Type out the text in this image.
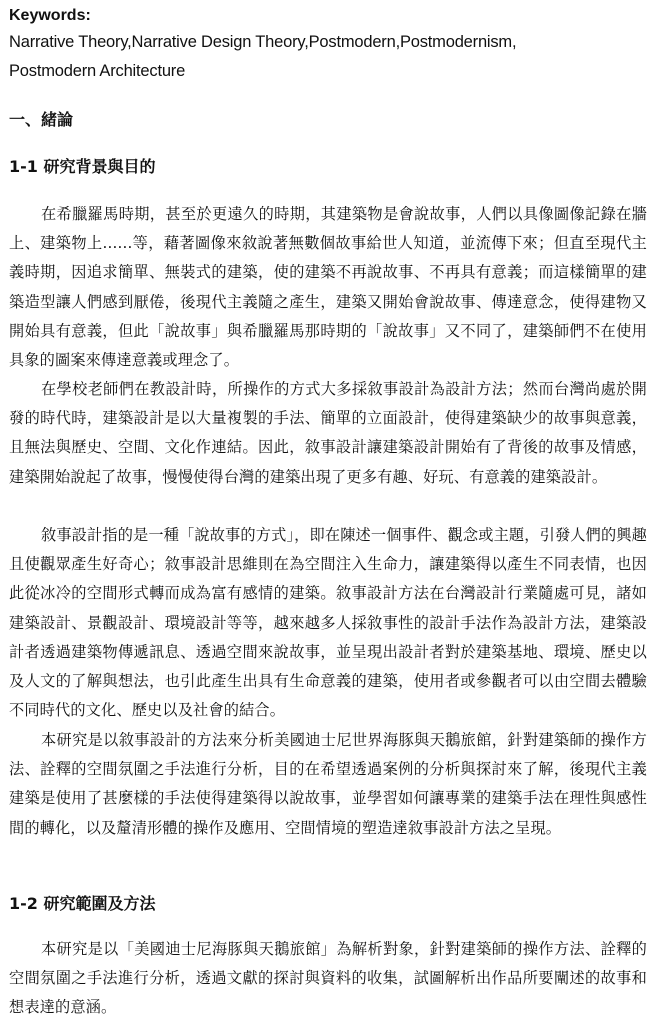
Keywords:

Narrative Theory,Narrative Design Theory,Postmodern,Postmodernism,
Postmodern Architecture

一、緒論
1-1 研究背景與目的

在希臘羅馬時期，甚至於更遠久的時期，其建築物是會說故事，人們以具像圖像記錄在牆上、建築物上......等，藉著圖像來敘說著無數個故事給世人知道，並流傳下來；但直至現代主義時期，因追求簡單、無裝式的建築，使的建築不再說故事、不再具有意義；而這樣簡單的建築造型讓人們感到厭倦，後現代主義隨之產生，建築又開始會說故事、傳達意念，使得建物又開始具有意義，但此「說故事」與希臘羅馬那時期的「說故事」又不同了，建築師們不在使用具象的圖案來傳達意義或理念了。

在學校老師們在教設計時，所操作的方式大多採敘事設計為設計方法；然而台灣尚處於開發的時代時，建築設計是以大量複製的手法、簡單的立面設計，使得建築缺少的故事與意義，且無法與歷史、空間、文化作連結。因此，敘事設計讓建築設計開始有了背後的故事及情感，建築開始說起了故事，慢慢使得台灣的建築出現了更多有趣、好玩、有意義的建築設計。

敘事設計指的是一種「說故事的方式」，即在陳述一個事件、觀念或主題，引發人們的興趣且使觀眾產生好奇心；敘事設計思維則在為空間注入生命力，讓建築得以產生不同表情，也因此從冰冷的空間形式轉而成為富有感情的建築。敘事設計方法在台灣設計行業隨處可見，諸如建築設計、景觀設計、環境設計等等，越來越多人採敘事性的設計手法作為設計方法，建築設計者透過建築物傳遞訊息、透過空間來說故事，並呈現出設計者對於建築基地、環境、歷史以及人文的了解與想法，也引此產生出具有生命意義的建築，使用者或參觀者可以由空間去體驗不同時代的文化、歷史以及社會的結合。

本研究是以敘事設計的方法來分析美國迪士尼世界海豚與天鵝旅館，針對建築師的操作方法、詮釋的空間氛圍之手法進行分析，目的在希望透過案例的分析與探討來了解，後現代主義建築是使用了甚麼樣的手法使得建築得以說故事，並學習如何讓專業的建築手法在理性與感性間的轉化，以及釐清形體的操作及應用、空間情境的塑造達敘事設計方法之呈現。

1-2 研究範圍及方法

本研究是以「美國迪士尼海豚與天鵝旅館」為解析對象，針對建築師的操作方法、詮釋的空間氛圍之手法進行分析，透過文獻的探討與資料的收集，試圖解析出作品所要闡述的故事和想表達的意涵。
